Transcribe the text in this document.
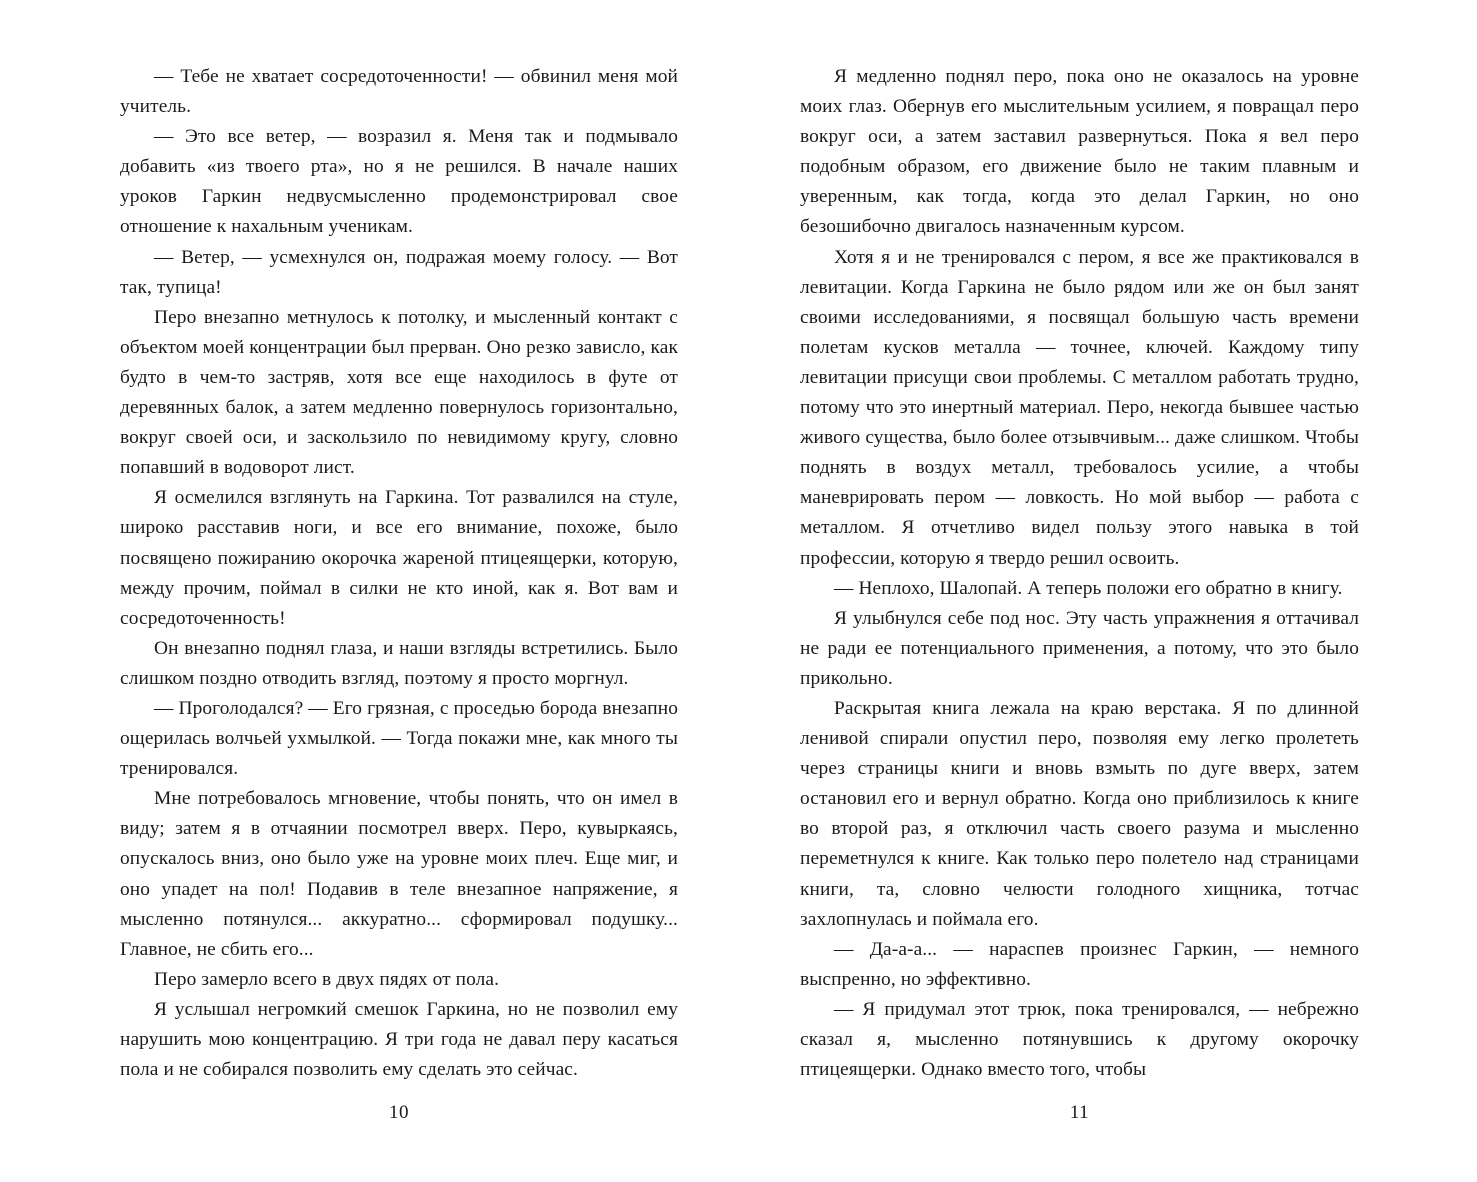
— Тебе не хватает сосредоточенности! — обвинил меня мой учитель.

— Это все ветер, — возразил я. Меня так и подмывало добавить «из твоего рта», но я не решился. В начале наших уроков Гаркин недвусмысленно продемонстрировал свое отношение к нахальным ученикам.

— Ветер, — усмехнулся он, подражая моему голосу. — Вот так, тупица!

Перо внезапно метнулось к потолку, и мысленный контакт с объектом моей концентрации был прерван. Оно резко зависло, как будто в чем-то застряв, хотя все еще находилось в футе от деревянных балок, а затем медленно повернулось горизонтально, вокруг своей оси, и заскользило по невидимому кругу, словно попавший в водоворот лист.

Я осмелился взглянуть на Гаркина. Тот развалился на стуле, широко расставив ноги, и все его внимание, похоже, было посвящено пожиранию окорочка жареной птицеящерки, которую, между прочим, поймал в силки не кто иной, как я. Вот вам и сосредоточенность!

Он внезапно поднял глаза, и наши взгляды встретились. Было слишком поздно отводить взгляд, поэтому я просто моргнул.

— Проголодался? — Его грязная, с проседью борода внезапно ощерилась волчьей ухмылкой. — Тогда покажи мне, как много ты тренировался.

Мне потребовалось мгновение, чтобы понять, что он имел в виду; затем я в отчаянии посмотрел вверх. Перо, кувыркаясь, опускалось вниз, оно было уже на уровне моих плеч. Еще миг, и оно упадет на пол! Подавив в теле внезапное напряжение, я мысленно потянулся... аккуратно... сформировал подушку... Главное, не сбить его...

Перо замерло всего в двух пядях от пола.

Я услышал негромкий смешок Гаркина, но не позволил ему нарушить мою концентрацию. Я три года не давал перу касаться пола и не собирался позволить ему сделать это сейчас.

10

Я медленно поднял перо, пока оно не оказалось на уровне моих глаз. Обернув его мыслительным усилием, я повращал перо вокруг оси, а затем заставил развернуться. Пока я вел перо подобным образом, его движение было не таким плавным и уверенным, как тогда, когда это делал Гаркин, но оно безошибочно двигалось назначенным курсом.

Хотя я и не тренировался с пером, я все же практиковался в левитации. Когда Гаркина не было рядом или же он был занят своими исследованиями, я посвящал большую часть времени полетам кусков металла — точнее, ключей. Каждому типу левитации присущи свои проблемы. С металлом работать трудно, потому что это инертный материал. Перо, некогда бывшее частью живого существа, было более отзывчивым... даже слишком. Чтобы поднять в воздух металл, требовалось усилие, а чтобы маневрировать пером — ловкость. Но мой выбор — работа с металлом. Я отчетливо видел пользу этого навыка в той профессии, которую я твердо решил освоить.

— Неплохо, Шалопай. А теперь положи его обратно в книгу.

Я улыбнулся себе под нос. Эту часть упражнения я оттачивал не ради ее потенциального применения, а потому, что это было прикольно.

Раскрытая книга лежала на краю верстака. Я по длинной ленивой спирали опустил перо, позволяя ему легко пролететь через страницы книги и вновь взмыть по дуге вверх, затем остановил его и вернул обратно. Когда оно приблизилось к книге во второй раз, я отключил часть своего разума и мысленно переметнулся к книге. Как только перо полетело над страницами книги, та, словно челюсти голодного хищника, тотчас захлопнулась и поймала его.

— Да-а-а... — нараспев произнес Гаркин, — немного выспренно, но эффективно.

— Я придумал этот трюк, пока тренировался, — небрежно сказал я, мысленно потянувшись к другому окорочку птицеящерки. Однако вместо того, чтобы

11
